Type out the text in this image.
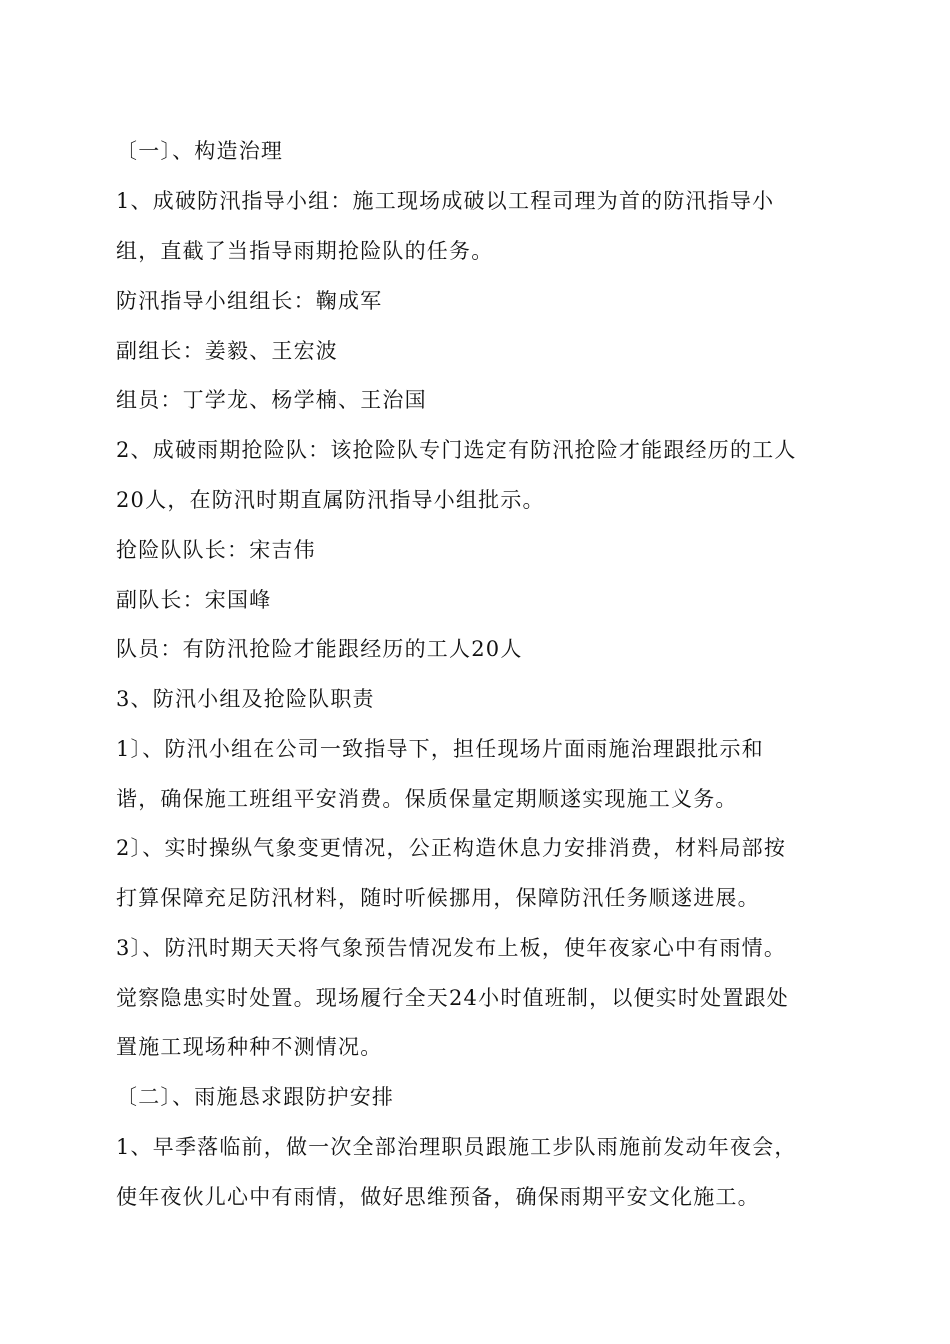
〔一〕、构造治理
1、成破防汛指导小组：施工现场成破以工程司理为首的防汛指导小
组，直截了当指导雨期抢险队的任务。
防汛指导小组组长：鞠成军
副组长：姜毅、王宏波
组员：丁学龙、杨学楠、王治国
2、成破雨期抢险队：该抢险队专门选定有防汛抢险才能跟经历的工人
20人，在防汛时期直属防汛指导小组批示。
抢险队队长：宋吉伟
副队长：宋国峰
队员：有防汛抢险才能跟经历的工人20人
3、防汛小组及抢险队职责
1〕、防汛小组在公司一致指导下，担任现场片面雨施治理跟批示和
谐，确保施工班组平安消费。保质保量定期顺遂实现施工义务。
2〕、实时操纵气象变更情况，公正构造休息力安排消费，材料局部按
打算保障充足防汛材料，随时听候挪用，保障防汛任务顺遂进展。
3〕、防汛时期天天将气象预告情况发布上板，使年夜家心中有雨情。
觉察隐患实时处置。现场履行全天24小时值班制，以便实时处置跟处
置施工现场种种不测情况。
〔二〕、雨施恳求跟防护安排
1、早季落临前，做一次全部治理职员跟施工步队雨施前发动年夜会，
使年夜伙儿心中有雨情，做好思维预备，确保雨期平安文化施工。
